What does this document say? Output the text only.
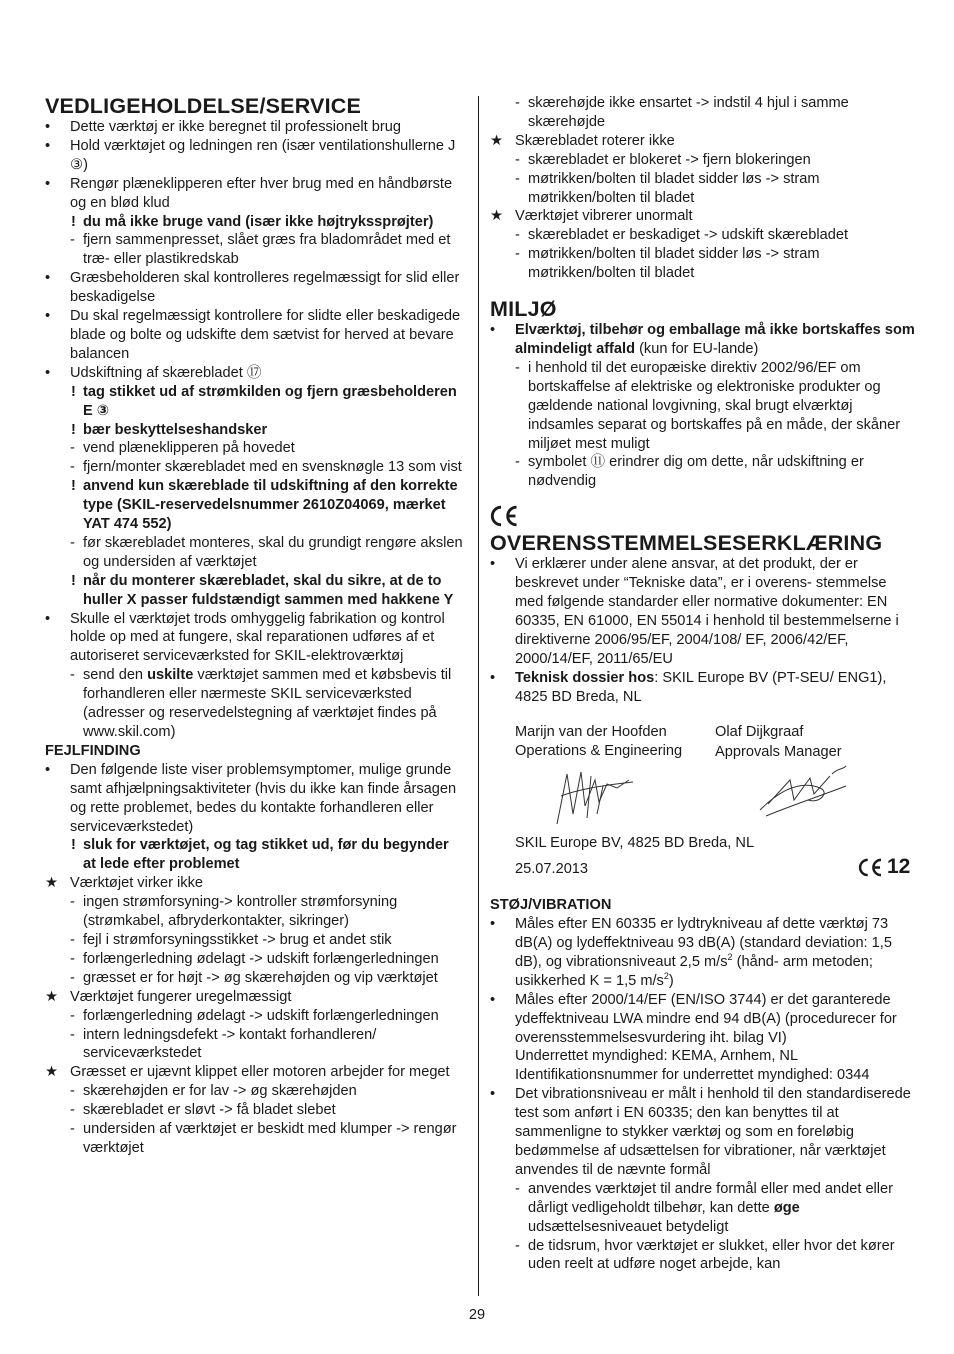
VEDLIGEHOLDELSE/SERVICE
•	Dette værktøj er ikke beregnet til professionelt brug
•	Hold værktøjet og ledningen ren (især ventilationshullerne J ③)
•	Rengør plæneklipperen efter hver brug med en håndbørste og en blød klud
! du må ikke bruge vand (især ikke højtrykssprøjter)
- fjern sammenpresset, slået græs fra bladområdet med et træ- eller plastikredskab
•	Græsbeholderen skal kontrolleres regelmæssigt for slid eller beskadigelse
•	Du skal regelmæssigt kontrollere for slidte eller beskadigede blade og bolte og udskifte dem sætvist for herved at bevare balancen
•	Udskiftning af skærebladet ⑰
! tag stikket ud af strømkilden og fjern græsbeholderen E ③
! bær beskyttelseshandsker
- vend plæneklipperen på hovedet
- fjern/monter skærebladet med en svensknøgle 13 som vist
! anvend kun skæreblade til udskiftning af den korrekte type (SKIL-reservedelsnummer 2610Z04069, mærket YAT 474 552)
- før skærebladet monteres, skal du grundigt rengøre akslen og undersiden af værktøjet
! når du monterer skærebladet, skal du sikre, at de to huller X passer fuldstændigt sammen med hakkene Y
•	Skulle el værktøjet trods omhyggelig fabrikation og kontrol holde op med at fungere, skal reparationen udføres af et autoriseret serviceværksted for SKIL-elektroværktøj
- send den uskilte værktøjet sammen med et købsbevis til forhandleren eller nærmeste SKIL serviceværksted (adresser og reservedelstegning af værktøjet findes på www.skil.com)
FEJLFINDING
•	Den følgende liste viser problemsymptomer, mulige grunde samt afhjælpningsaktiviteter (hvis du ikke kan finde årsagen og rette problemet, bedes du kontakte forhandleren eller serviceværkstedet)
! sluk for værktøjet, og tag stikket ud, før du begynder at lede efter problemet
★ Værktøjet virker ikke
- ingen strømforsyning-> kontroller strømforsyning (strømkabel, afbryderkontakter, sikringer)
- fejl i strømforsyningsstikket -> brug et andet stik
- forlængerledning ødelagt -> udskift forlængerledningen
- græsset er for højt -> øg skærehøjden og vip værktøjet
★ Værktøjet fungerer uregelmæssigt
- forlængerledning ødelagt -> udskift forlængerledningen
- intern ledningsdefekt -> kontakt forhandleren/ serviceværkstedet
★ Græsset er ujævnt klippet eller motoren arbejder for meget
- skærehøjden er for lav -> øg skærehøjden
- skærebladet er sløvt -> få bladet slebet
- undersiden af værktøjet er beskidt med klumper -> rengør værktøjet
- skærehøjde ikke ensartet -> indstil 4 hjul i samme skærehøjde
★ Skærebladet roterer ikke
- skærebladet er blokeret -> fjern blokeringen
- møtrikken/bolten til bladet sidder løs -> stram møtrikken/bolten til bladet
★ Værktøjet vibrerer unormalt
- skærebladet er beskadiget -> udskift skærebladet
- møtrikken/bolten til bladet sidder løs -> stram møtrikken/bolten til bladet
MILJØ
•	Elværktøj, tilbehør og emballage må ikke bortskaffes som almindeligt affald (kun for EU-lande)
- i henhold til det europæiske direktiv 2002/96/EF om bortskaffelse af elektriske og elektroniske produkter og gældende national lovgivning, skal brugt elværktøj indsamles separat og bortskaffes på en måde, der skåner miljøet mest muligt
- symbolet ⑪ erindrer dig om dette, når udskiftning er nødvendig
OVERENSSTEMMELSESERKLÆRING
•	Vi erklærer under alene ansvar, at det produkt, der er beskrevet under “Tekniske data”, er i overens- stemmelse med følgende standarder eller normative dokumenter: EN 60335, EN 61000, EN 55014 i henhold til bestemmelserne i direktiverne 2006/95/EF, 2004/108/ EF, 2006/42/EF, 2000/14/EF, 2011/65/EU
•	Teknisk dossier hos: SKIL Europe BV (PT-SEU/ ENG1), 4825 BD Breda, NL
Marijn van der Hoofden
Operations & Engineering
Olaf Dijkgraaf
Approvals Manager
SKIL Europe BV, 4825 BD Breda, NL
25.07.2013	12
STØJ/VIBRATION
•	Måles efter EN 60335 er lydtrykniveau af dette værktøj 73 dB(A) og lydeffektniveau 93 dB(A) (standard deviation: 1,5 dB), og vibrationsniveaut 2,5 $m/s^2$ (hånd- arm metoden; usikkerhed K = 1,5 $m/s^2$)
•	Måles efter 2000/14/EF (EN/ISO 3744) er det garanterede ydeffektniveau LWA mindre end 94 dB(A) (procedurecer for overensstemmelsesvurdering iht. bilag VI)

Underrettet myndighed: KEMA, Arnhem, NL

Identifikationsnummer for underrettet myndighed: 0344

•	Det vibrationsniveau er målt i henhold til den standardiserede test som anført i EN 60335; den kan benyttes til at sammenligne to stykker værktøj og som en foreløbig bedømmelse af udsættelsen for vibrationer, når værktøjet anvendes til de nævnte formål
- anvendes værktøjet til andre formål eller med andet eller dårligt vedligeholdt tilbehør, kan dette øge udsættelsesniveauet betydeligt
- de tidsrum, hvor værktøjet er slukket, eller hvor det kører uden reelt at udføre noget arbejde, kan
29
